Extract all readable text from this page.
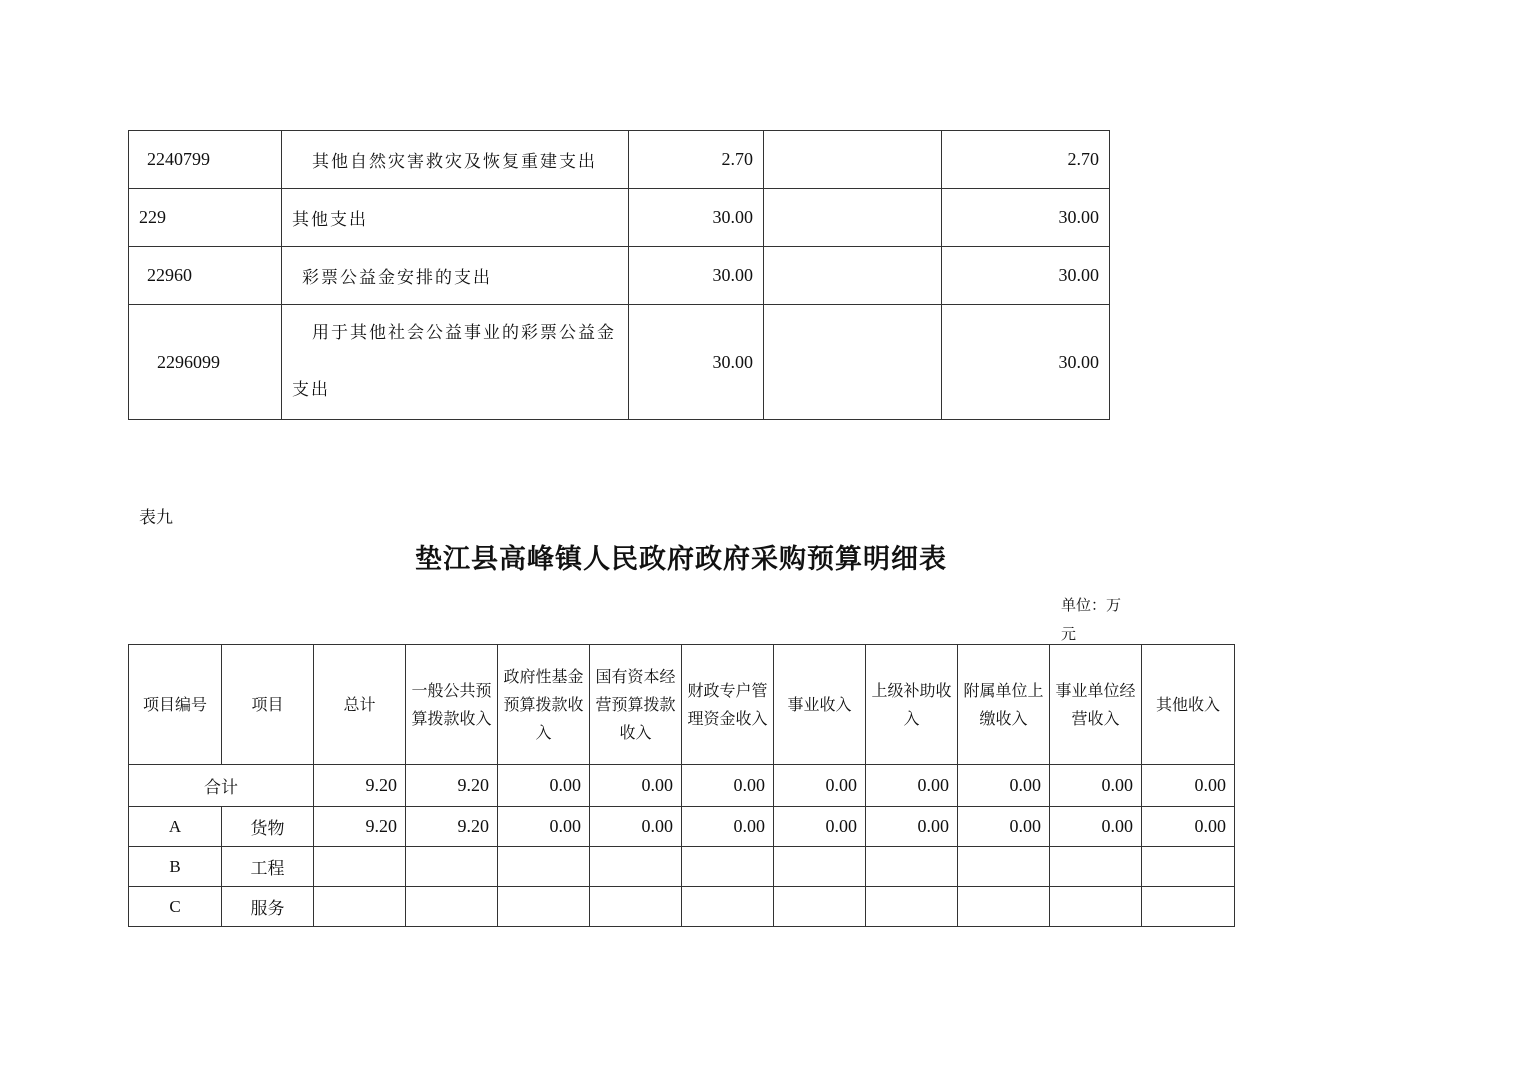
2240799	其他自然灾害救灾及恢复重建支出	2.70		2.70
229	其他支出	30.00		30.00
22960	彩票公益金安排的支出	30.00		30.00
2296099	用于其他社会公益事业的彩票公益金
支出	30.00		30.00
表九
垫江县高峰镇人民政府政府采购预算明细表
单位：万
元
项目编号	项目	总计	一般公共预算拨款收入	政府性基金预算拨款收入	国有资本经营预算拨款收入	财政专户管理资金收入	事业收入	上级补助收入	附属单位上缴收入	事业单位经营收入	其他收入
合计		9.20	9.20	0.00	0.00	0.00	0.00	0.00	0.00	0.00	0.00
A	货物	9.20	9.20	0.00	0.00	0.00	0.00	0.00	0.00	0.00	0.00
B	工程										
C	服务										
